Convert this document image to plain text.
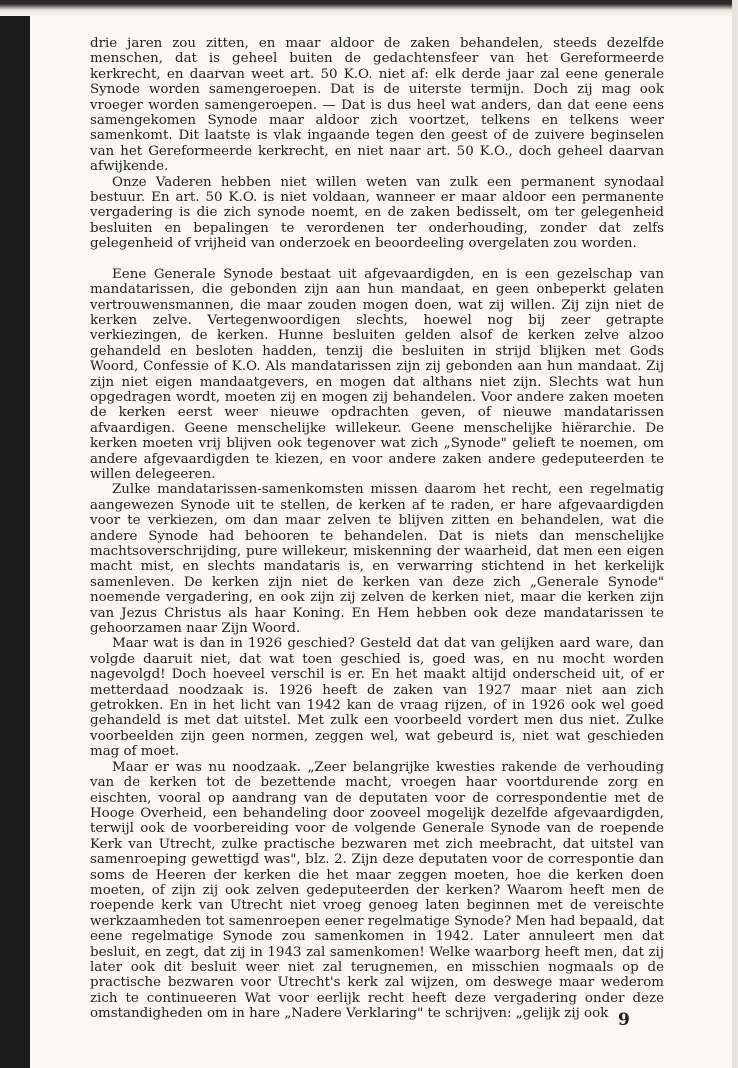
drie jaren zou zitten, en maar aldoor de zaken behandelen, steeds dezelfde menschen, dat is geheel buiten de gedachtensfeer van het Gereformeerde kerkrecht, en daarvan weet art. 50 K.O. niet af: elk derde jaar zal eene generale Synode worden samengeroepen. Dat is de uiterste termijn. Doch zij mag ook vroeger worden samengeroepen. — Dat is dus heel wat anders, dan dat eene eens samengekomen Synode maar aldoor zich voortzet, telkens en telkens weer samenkomt. Dit laatste is vlak ingaande tegen den geest of de zuivere beginselen van het Gereformeerde kerkrecht, en niet naar art. 50 K.O., doch geheel daarvan afwijkende.

Onze Vaderen hebben niet willen weten van zulk een permanent synodaal bestuur. En art. 50 K.O. is niet voldaan, wanneer er maar aldoor een permanente vergadering is die zich synode noemt, en de zaken bedisselt, om ter gelegenheid besluiten en bepalingen te verordenen ter onderhouding, zonder dat zelfs gelegenheid of vrijheid van onderzoek en beoordeeling overgelaten zou worden.

Eene Generale Synode bestaat uit afgevaardigden, en is een gezelschap van mandatarissen, die gebonden zijn aan hun mandaat, en geen onbeperkt gelaten vertrouwensmannen, die maar zouden mogen doen, wat zij willen. Zij zijn niet de kerken zelve. Vertegenwoordigen slechts, hoewel nog bij zeer getrapte verkiezingen, de kerken. Hunne besluiten gelden alsof de kerken zelve alzoo gehandeld en besloten hadden, tenzij die besluiten in strijd blijken met Gods Woord, Confessie of K.O. Als mandatarissen zijn zij gebonden aan hun mandaat. Zij zijn niet eigen mandaatgevers, en mogen dat althans niet zijn. Slechts wat hun opgedragen wordt, moeten zij en mogen zij behandelen. Voor andere zaken moeten de kerken eerst weer nieuwe opdrachten geven, of nieuwe mandatarissen afvaardigen. Geene menschelijke willekeur. Geene menschelijke hiërarchie. De kerken moeten vrij blijven ook tegenover wat zich „Synode" gelieft te noemen, om andere afgevaardigden te kiezen, en voor andere zaken andere gedeputeerden te willen delegeeren.

Zulke mandatarissen-samenkomsten missen daarom het recht, een regelmatig aangewezen Synode uit te stellen, de kerken af te raden, er hare afgevaardigden voor te verkiezen, om dan maar zelven te blijven zitten en behandelen, wat die andere Synode had behooren te behandelen. Dat is niets dan menschelijke machtsoverschrijding, pure willekeur, miskenning der waarheid, dat men een eigen macht mist, en slechts mandataris is, en verwarring stichtend in het kerkelijk samenleven. De kerken zijn niet de kerken van deze zich „Generale Synode" noemende vergadering, en ook zijn zij zelven de kerken niet, maar die kerken zijn van Jezus Christus als haar Koning. En Hem hebben ook deze mandatarissen te gehoorzamen naar Zijn Woord.

Maar wat is dan in 1926 geschied? Gesteld dat dat van gelijken aard ware, dan volgde daaruit niet, dat wat toen geschied is, goed was, en nu mocht worden nagevolgd! Doch hoeveel verschil is er. En het maakt altijd onderscheid uit, of er metterdaad noodzaak is. 1926 heeft de zaken van 1927 maar niet aan zich getrokken. En in het licht van 1942 kan de vraag rijzen, of in 1926 ook wel goed gehandeld is met dat uitstel. Met zulk een voorbeeld vordert men dus niet. Zulke voorbeelden zijn geen normen, zeggen wel, wat gebeurd is, niet wat geschieden mag of moet.

Maar er was nu noodzaak. „Zeer belangrijke kwesties rakende de verhouding van de kerken tot de bezettende macht, vroegen haar voortdurende zorg en eischten, vooral op aandrang van de deputaten voor de correspondentie met de Hooge Overheid, een behandeling door zooveel mogelijk dezelfde afgevaardigden, terwijl ook de voorbereiding voor de volgende Generale Synode van de roepende Kerk van Utrecht, zulke practische bezwaren met zich meebracht, dat uitstel van samenroeping gewettigd was", blz. 2. Zijn deze deputaten voor de correspontie dan soms de Heeren der kerken die het maar zeggen moeten, hoe die kerken doen moeten, of zijn zij ook zelven gedeputeerden der kerken? Waarom heeft men de roepende kerk van Utrecht niet vroeg genoeg laten beginnen met de vereischte werkzaamheden tot samenroepen eener regelmatige Synode? Men had bepaald, dat eene regelmatige Synode zou samenkomen in 1942. Later annuleert men dat besluit, en zegt, dat zij in 1943 zal samenkomen! Welke waarborg heeft men, dat zij later ook dit besluit weer niet zal terugnemen, en misschien nogmaals op de practische bezwaren voor Utrecht's kerk zal wijzen, om deswege maar wederom zich te continueeren Wat voor eerlijk recht heeft deze vergadering onder deze omstandigheden om in hare „Nadere Verklaring" te schrijven: „gelijk zij ook 9
